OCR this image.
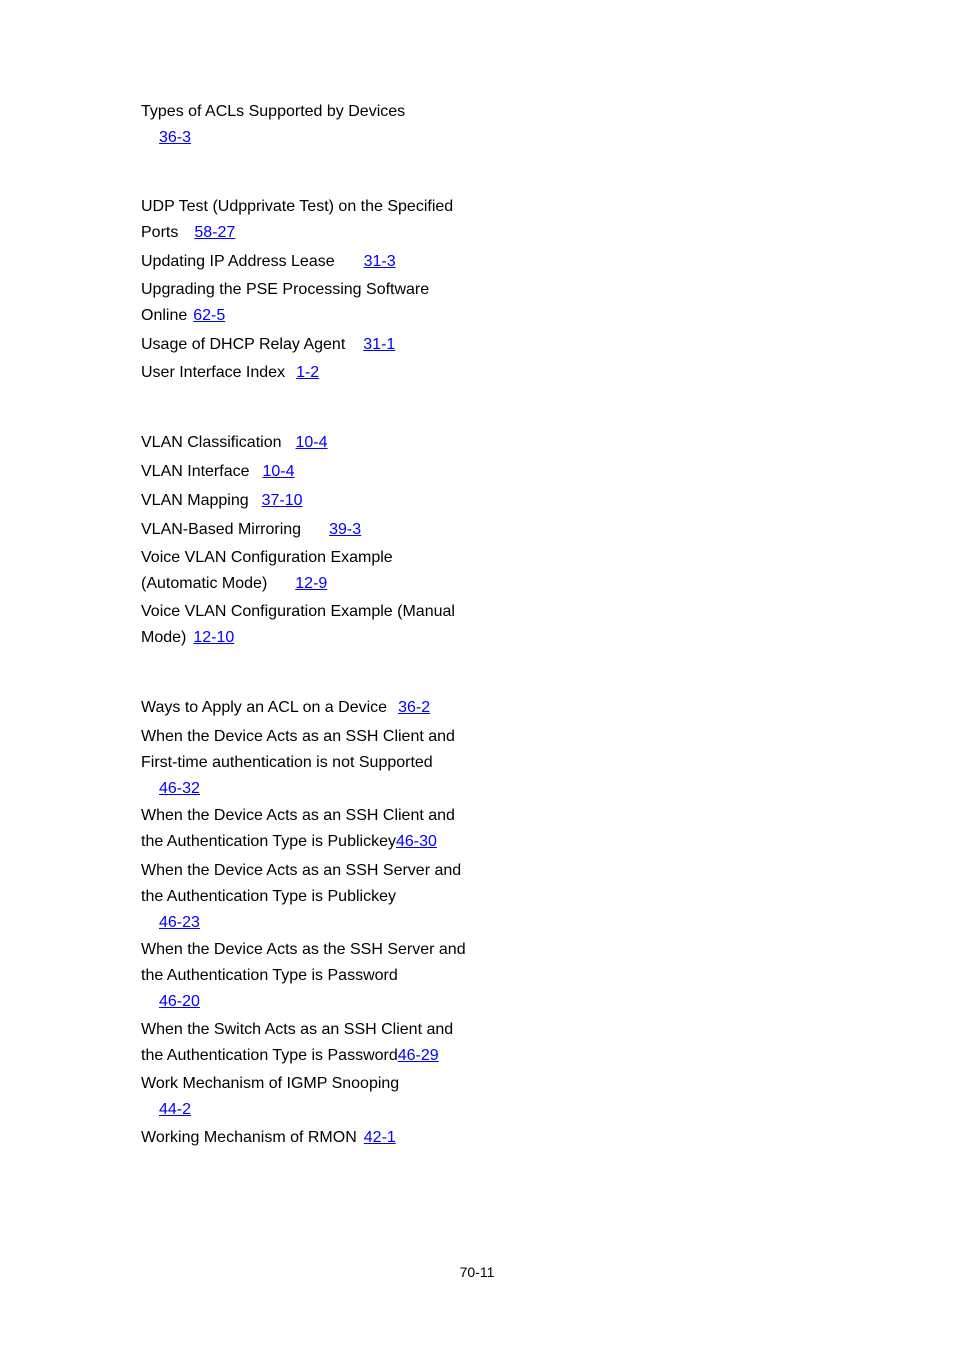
Types of ACLs Supported by Devices
36-3
UDP Test (Udpprivate Test) on the Specified
Ports 58-27
Updating IP Address Lease 31-3
Upgrading the PSE Processing Software
Online 62-5
Usage of DHCP Relay Agent 31-1
User Interface Index 1-2
VLAN Classification 10-4
VLAN Interface 10-4
VLAN Mapping 37-10
VLAN-Based Mirroring 39-3
Voice VLAN Configuration Example
(Automatic Mode) 12-9
Voice VLAN Configuration Example (Manual
Mode) 12-10
Ways to Apply an ACL on a Device 36-2
When the Device Acts as an SSH Client and
First-time authentication is not Supported
46-32
When the Device Acts as an SSH Client and
the Authentication Type is Publickey46-30
When the Device Acts as an SSH Server and
the Authentication Type is Publickey
46-23
When the Device Acts as the SSH Server and
the Authentication Type is Password
46-20
When the Switch Acts as an SSH Client and
the Authentication Type is Password46-29
Work Mechanism of IGMP Snooping
44-2
Working Mechanism of RMON 42-1
70-11
